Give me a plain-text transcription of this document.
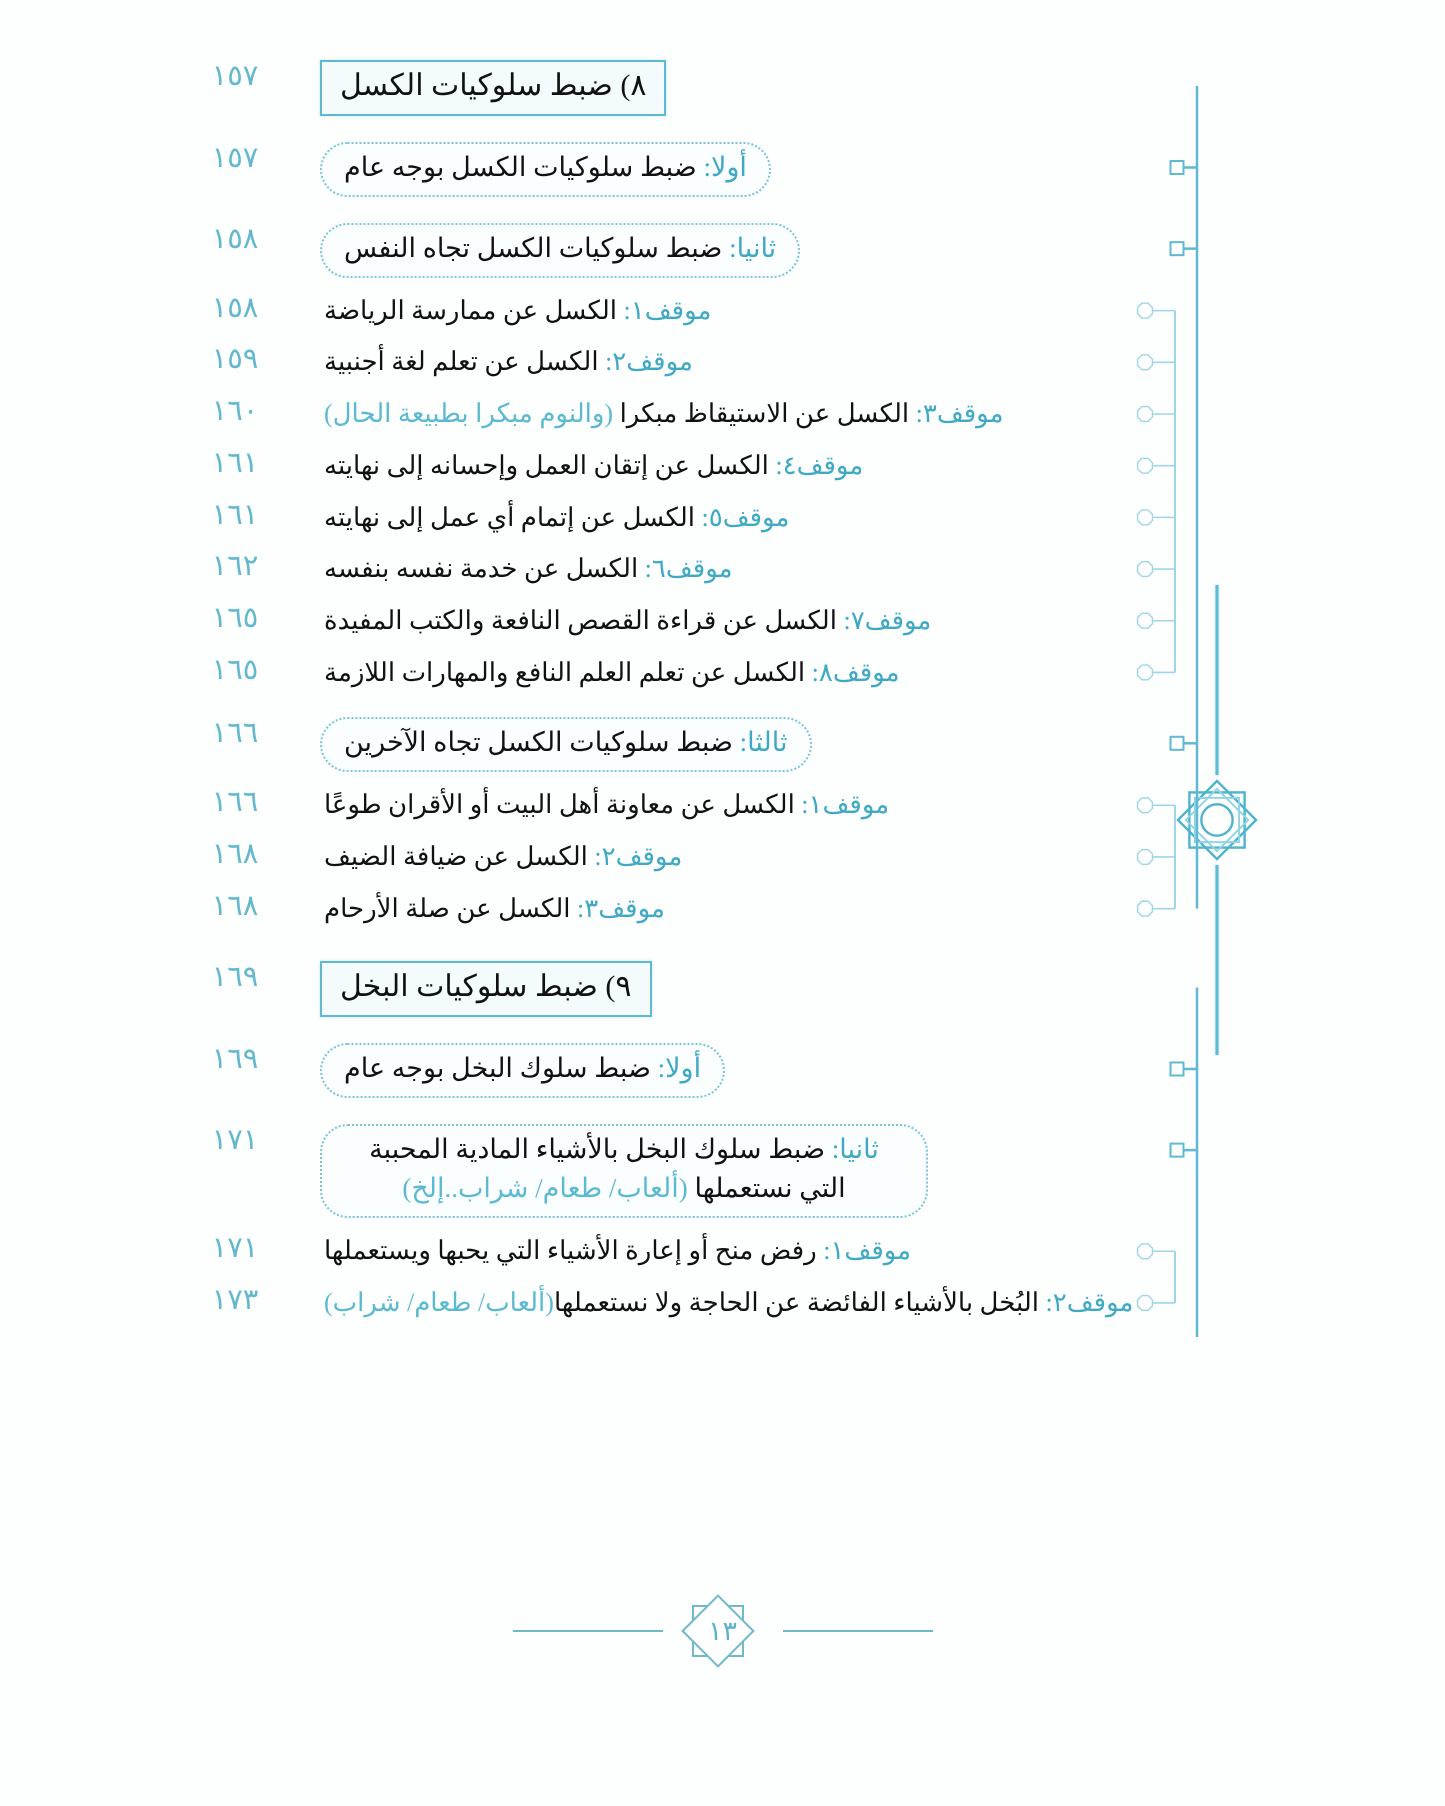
١٥٧	٨) ضبط سلوكيات الكسل
١٥٧	أولا: ضبط سلوكيات الكسل بوجه عام
١٥٨	ثانيا: ضبط سلوكيات الكسل تجاه النفس
١٥٨	موقف١: الكسل عن ممارسة الرياضة
١٥٩	موقف٢: الكسل عن تعلم لغة أجنبية
١٦٠	موقف٣: الكسل عن الاستيقاظ مبكرا (والنوم مبكرا بطبيعة الحال)
١٦١	موقف٤: الكسل عن إتقان العمل وإحسانه إلى نهايته
١٦١	موقف٥: الكسل عن إتمام أي عمل إلى نهايته
١٦٢	موقف٦: الكسل عن خدمة نفسه بنفسه
١٦٥	موقف٧: الكسل عن قراءة القصص النافعة والكتب المفيدة
١٦٥	موقف٨: الكسل عن تعلم العلم النافع والمهارات اللازمة
١٦٦	ثالثا: ضبط سلوكيات الكسل تجاه الآخرين
١٦٦	موقف١: الكسل عن معاونة أهل البيت أو الأقران طوعًا
١٦٨	موقف٢: الكسل عن ضيافة الضيف
١٦٨	موقف٣: الكسل عن صلة الأرحام
١٦٩	٩) ضبط سلوكيات البخل
١٦٩	أولا: ضبط سلوك البخل بوجه عام
١٧١	ثانيا: ضبط سلوك البخل بالأشياء المادية المحببة التي نستعملها (ألعاب/ طعام/ شراب..إلخ)
١٧١	موقف١: رفض منح أو إعارة الأشياء التي يحبها ويستعملها
١٧٣	موقف٢: البُخل بالأشياء الفائضة عن الحاجة ولا نستعملها(ألعاب/ طعام/ شراب)
١٣
